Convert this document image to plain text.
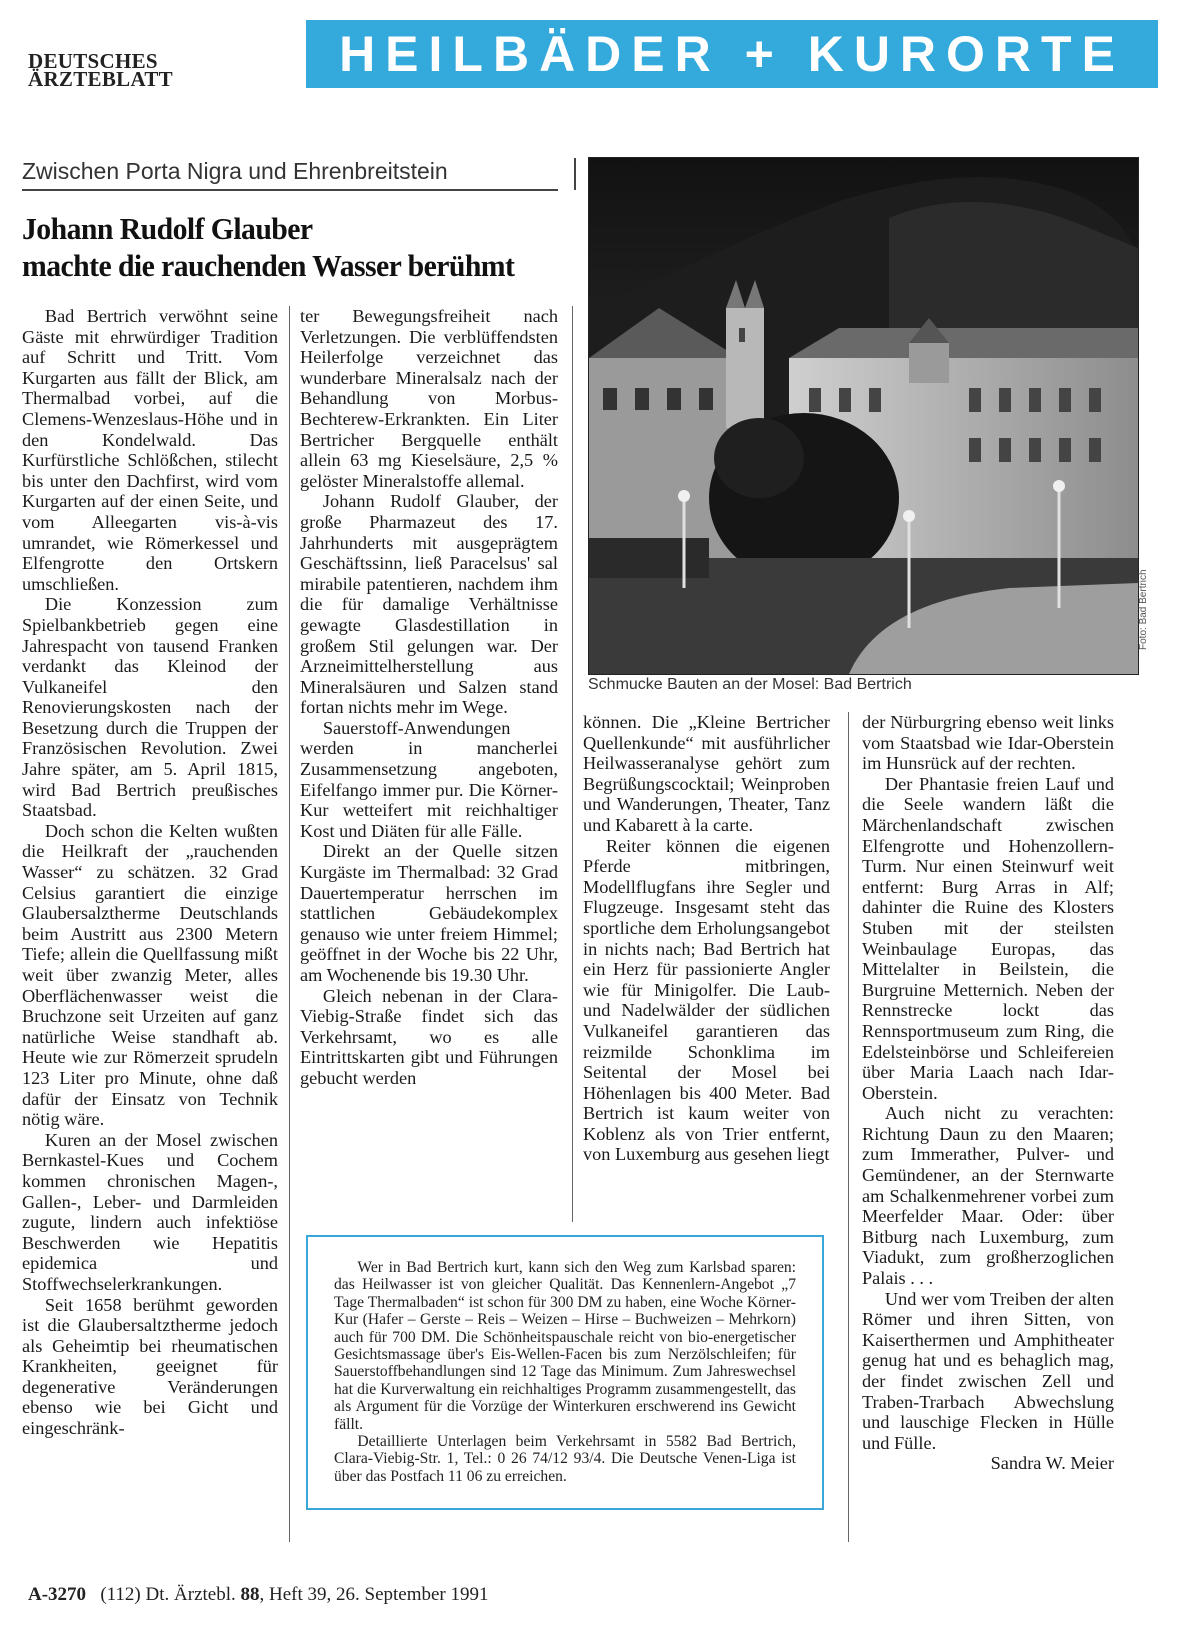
DEUTSCHES
ÄRZTEBLATT	HEILBÄDER + KURORTE
Zwischen Porta Nigra und Ehrenbreitstein
Johann Rudolf Glauber
machte die rauchenden Wasser berühmt

Bad Bertrich verwöhnt seine Gäste mit ehrwürdiger Tradition auf Schritt und Tritt. Vom Kurgarten aus fällt der Blick, am Thermalbad vorbei, auf die Clemens-Wenzeslaus-Höhe und in den Kondelwald. Das Kurfürstliche Schlößchen, stilecht bis unter den Dachfirst, wird vom Kurgarten auf der einen Seite, und vom Alleegarten vis-à-vis umrandet, wie Römerkessel und Elfengrotte den Ortskern umschließen.

Die Konzession zum Spielbankbetrieb gegen eine Jahrespacht von tausend Franken verdankt das Kleinod der Vulkaneifel den Renovierungskosten nach der Besetzung durch die Truppen der Französischen Revolution. Zwei Jahre später, am 5. April 1815, wird Bad Bertrich preußisches Staatsbad.

Doch schon die Kelten wußten die Heilkraft der „rauchenden Wasser“ zu schätzen. 32 Grad Celsius garantiert die einzige Glaubersalztherme Deutschlands beim Austritt aus 2300 Metern Tiefe; allein die Quellfassung mißt weit über zwanzig Meter, alles Oberflächenwasser weist die Bruchzone seit Urzeiten auf ganz natürliche Weise standhaft ab. Heute wie zur Römerzeit sprudeln 123 Liter pro Minute, ohne daß dafür der Einsatz von Technik nötig wäre.

Kuren an der Mosel zwischen Bernkastel-Kues und Cochem kommen chronischen Magen-, Gallen-, Leber- und Darmleiden zugute, lindern auch infektiöse Beschwerden wie Hepatitis epidemica und Stoffwechselerkrankungen.

Seit 1658 berühmt geworden ist die Glaubersaltztherme jedoch als Geheimtip bei rheumatischen Krankheiten, geeignet für degenerative Veränderungen ebenso wie bei Gicht und eingeschränk-

ter Bewegungsfreiheit nach Verletzungen. Die verblüffendsten Heilerfolge verzeichnet das wunderbare Mineralsalz nach der Behandlung von Morbus-Bechterew-Erkrankten. Ein Liter Bertricher Bergquelle enthält allein 63 mg Kieselsäure, 2,5 % gelöster Mineralstoffe allemal.

Johann Rudolf Glauber, der große Pharmazeut des 17. Jahrhunderts mit ausgeprägtem Geschäftssinn, ließ Paracelsus' sal mirabile patentieren, nachdem ihm die für damalige Verhältnisse gewagte Glasdestillation in großem Stil gelungen war. Der Arzneimittelherstellung aus Mineralsäuren und Salzen stand fortan nichts mehr im Wege.

Sauerstoff-Anwendungen werden in mancherlei Zusammensetzung angeboten, Eifelfango immer pur. Die Körner-Kur wetteifert mit reichhaltiger Kost und Diäten für alle Fälle.

Direkt an der Quelle sitzen Kurgäste im Thermalbad: 32 Grad Dauertemperatur herrschen im stattlichen Gebäudekomplex genauso wie unter freiem Himmel; geöffnet in der Woche bis 22 Uhr, am Wochenende bis 19.30 Uhr.

Gleich nebenan in der Clara-Viebig-Straße findet sich das Verkehrsamt, wo es alle Eintrittskarten gibt und Führungen gebucht werden

Schmucke Bauten an der Mosel: Bad Bertrich
Foto: Bad Bertrich

können. Die „Kleine Bertricher Quellenkunde“ mit ausführlicher Heilwasseranalyse gehört zum Begrüßungscocktail; Weinproben und Wanderungen, Theater, Tanz und Kabarett à la carte.

Reiter können die eigenen Pferde mitbringen, Modellflugfans ihre Segler und Flugzeuge. Insgesamt steht das sportliche dem Erholungsangebot in nichts nach; Bad Bertrich hat ein Herz für passionierte Angler wie für Minigolfer. Die Laub- und Nadelwälder der südlichen Vulkaneifel garantieren das reizmilde Schonklima im Seitental der Mosel bei Höhenlagen bis 400 Meter. Bad Bertrich ist kaum weiter von Koblenz als von Trier entfernt, von Luxemburg aus gesehen liegt

der Nürburgring ebenso weit links vom Staatsbad wie Idar-Oberstein im Hunsrück auf der rechten.

Der Phantasie freien Lauf und die Seele wandern läßt die Märchenlandschaft zwischen Elfengrotte und Hohenzollern-Turm. Nur einen Steinwurf weit entfernt: Burg Arras in Alf; dahinter die Ruine des Klosters Stuben mit der steilsten Weinbaulage Europas, das Mittelalter in Beilstein, die Burgruine Metternich. Neben der Rennstrecke lockt das Rennsportmuseum zum Ring, die Edelsteinbörse und Schleifereien über Maria Laach nach Idar-Oberstein.

Auch nicht zu verachten: Richtung Daun zu den Maaren; zum Immerather, Pulver- und Gemündener, an der Sternwarte am Schalkenmehrener vorbei zum Meerfelder Maar. Oder: über Bitburg nach Luxemburg, zum Viadukt, zum großherzoglichen Palais . . .

Und wer vom Treiben der alten Römer und ihren Sitten, von Kaiserthermen und Amphitheater genug hat und es behaglich mag, der findet zwischen Zell und Traben-Trarbach Abwechslung und lauschige Flecken in Hülle und Fülle.

Sandra W. Meier

Wer in Bad Bertrich kurt, kann sich den Weg zum Karlsbad sparen: das Heilwasser ist von gleicher Qualität. Das Kennenlern-Angebot „7 Tage Thermalbaden“ ist schon für 300 DM zu haben, eine Woche Körner-Kur (Hafer – Gerste – Reis – Weizen – Hirse – Buchweizen – Mehrkorn) auch für 700 DM. Die Schönheitspauschale reicht von bio-energetischer Gesichtsmassage über's Eis-Wellen-Facen bis zum Nerzölschleifen; für Sauerstoffbehandlungen sind 12 Tage das Minimum. Zum Jahreswechsel hat die Kurverwaltung ein reichhaltiges Programm zusammengestellt, das als Argument für die Vorzüge der Winterkuren erschwerend ins Gewicht fällt.

Detaillierte Unterlagen beim Verkehrsamt in 5582 Bad Bertrich, Clara-Viebig-Str. 1, Tel.: 0 26 74/12 93/4. Die Deutsche Venen-Liga ist über das Postfach 11 06 zu erreichen.

A-3270 (112) Dt. Ärztebl. 88, Heft 39, 26. September 1991
